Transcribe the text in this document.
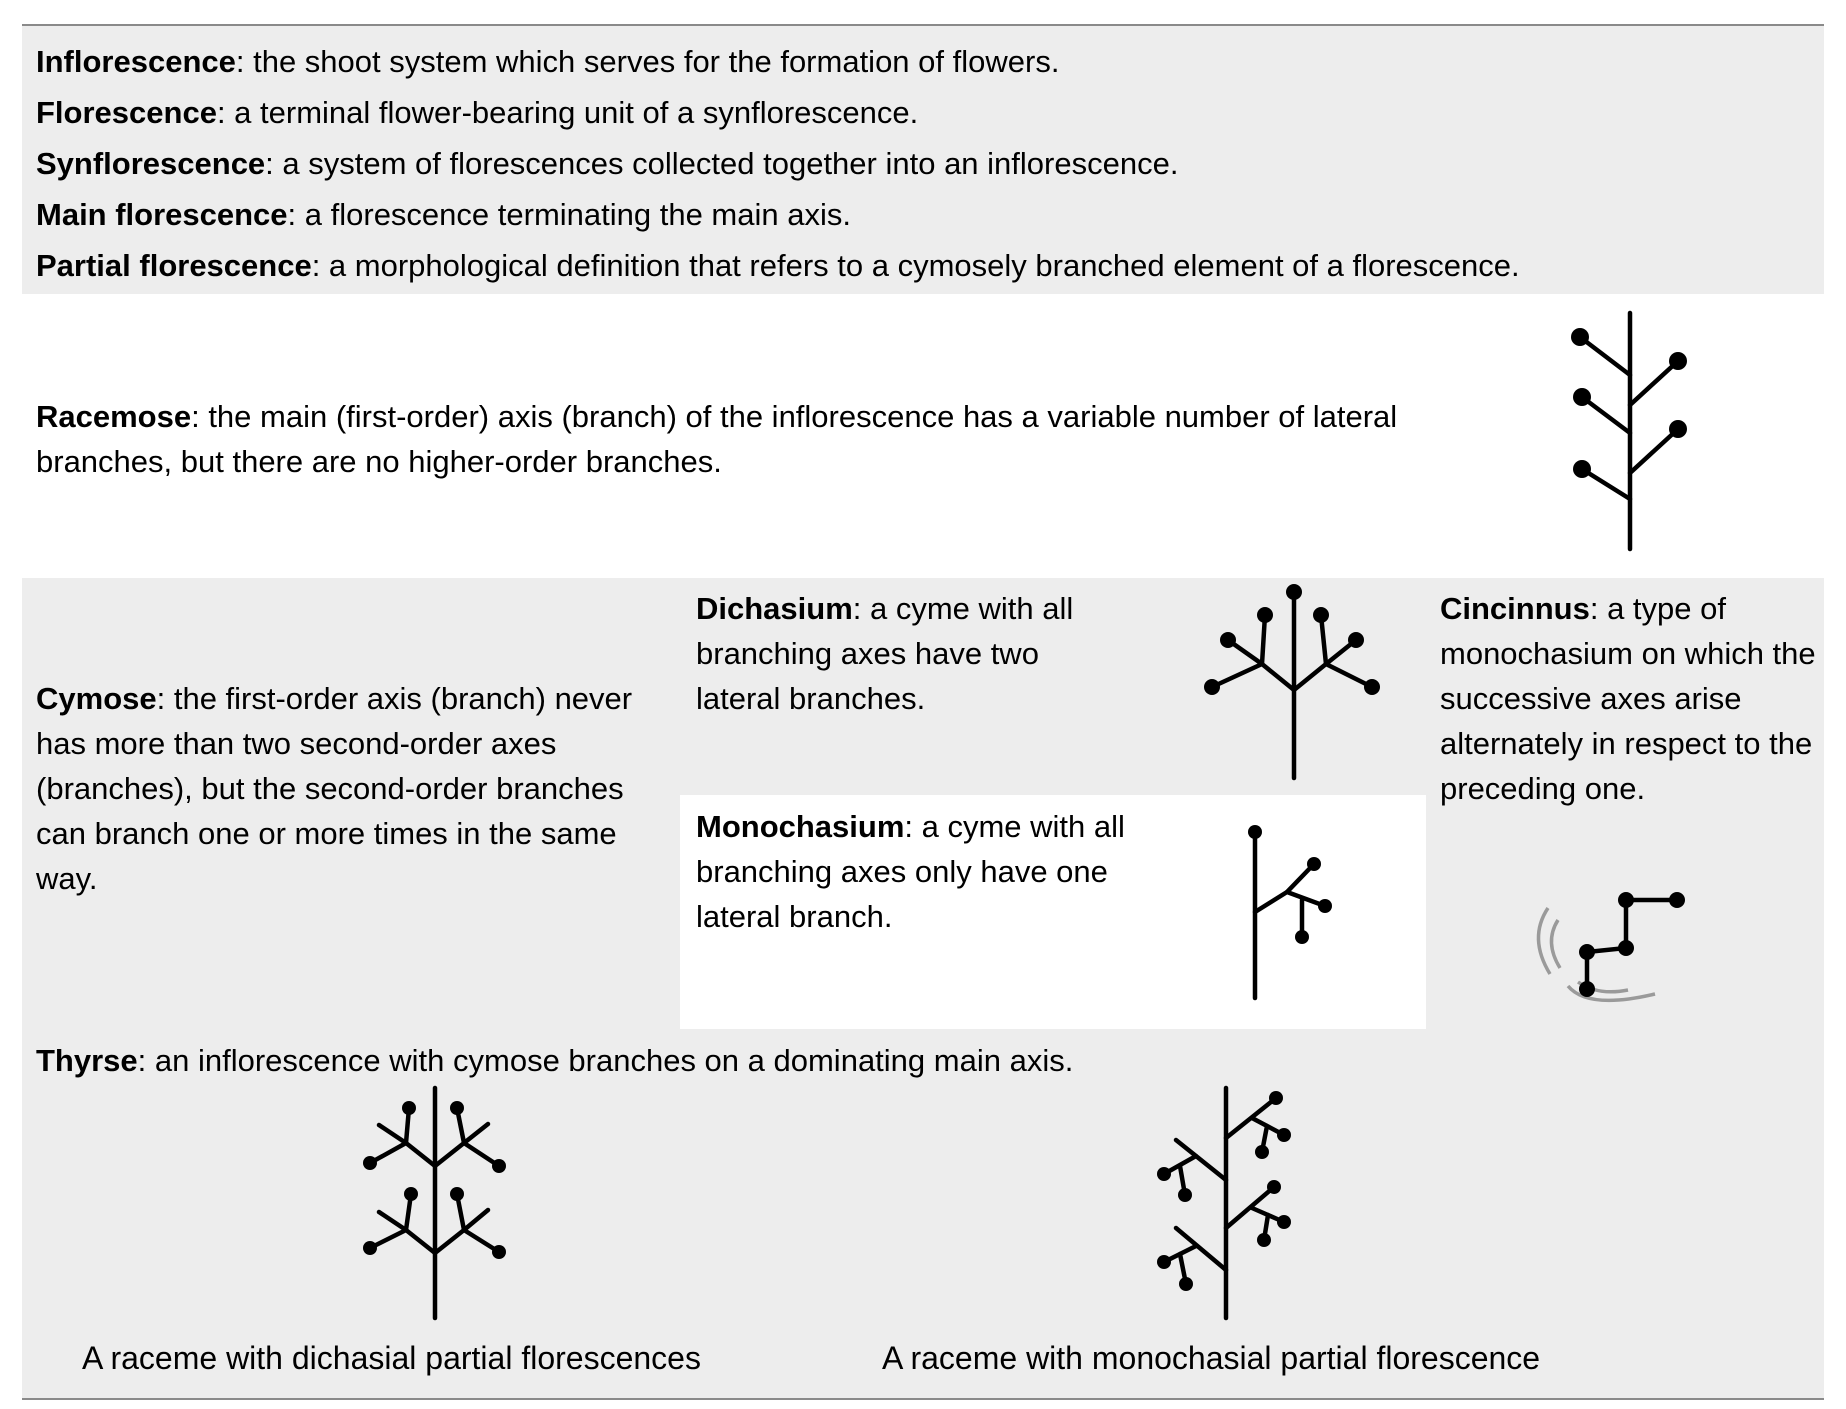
Inflorescence: the shoot system which serves for the formation of flowers.
Florescence: a terminal flower-bearing unit of a synflorescence.
Synflorescence: a system of florescences collected together into an inflorescence.
Main florescence: a florescence terminating the main axis.
Partial florescence: a morphological definition that refers to a cymosely branched element of a florescence.
Racemose: the main (first-order) axis (branch) of the inflorescence has a variable number of lateral branches, but there are no higher-order branches.
Cymose: the first-order axis (branch) never has more than two second-order axes (branches), but the second-order branches can branch one or more times in the same way.
Dichasium: a cyme with all branching axes have two lateral branches.
Monochasium: a cyme with all branching axes only have one lateral branch.
Cincinnus: a type of monochasium on which the successive axes arise alternately in respect to the preceding one.
Thyrse: an inflorescence with cymose branches on a dominating main axis.
A raceme with dichasial partial florescences	A raceme with monochasial partial florescence
